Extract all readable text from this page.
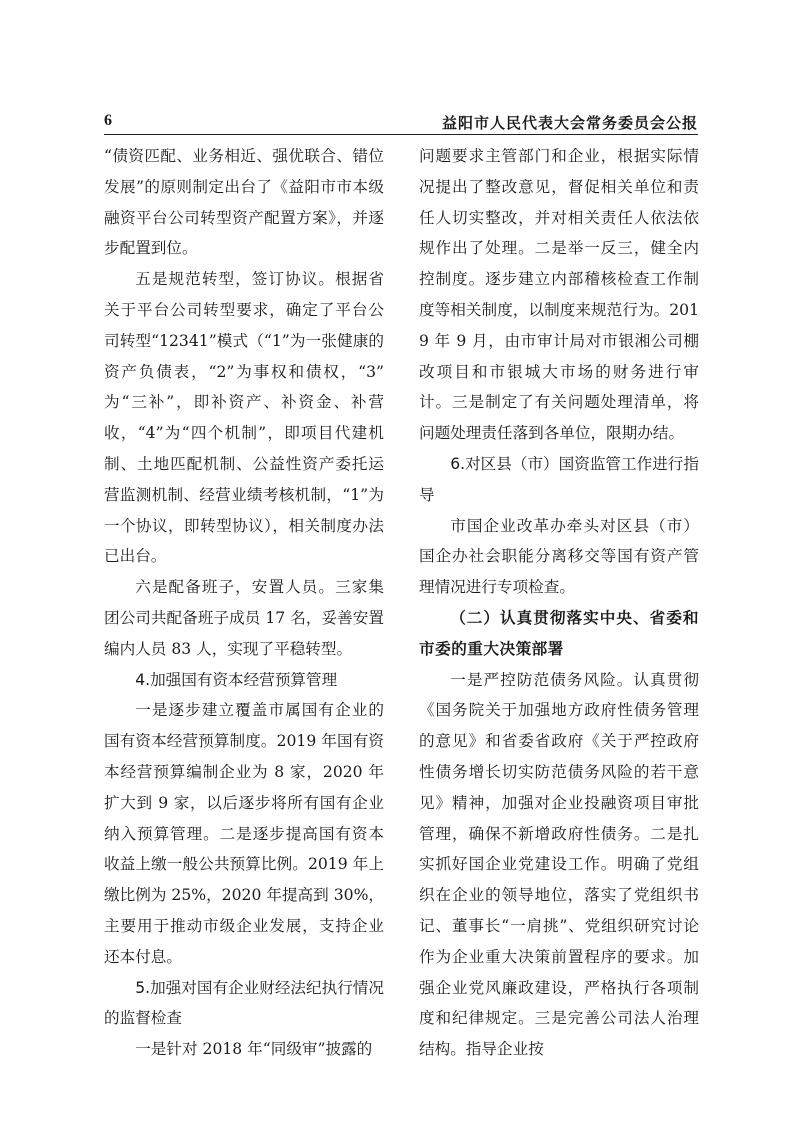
6	益阳市人民代表大会常务委员会公报

“债资匹配、业务相近、强优联合、错位发展”的原则制定出台了《益阳市市本级融资平台公司转型资产配置方案》，并逐步配置到位。

五是规范转型，签订协议。根据省关于平台公司转型要求，确定了平台公司转型“12341”模式（“1”为一张健康的资产负债表，“2”为事权和债权，“3” 为“三补”，即补资产、补资金、补营收，“4”为“四个机制”，即项目代建机制、土地匹配机制、公益性资产委托运营监测机制、经营业绩考核机制，“1”为一个协议，即转型协议），相关制度办法已出台。

六是配备班子，安置人员。三家集团公司共配备班子成员 17 名，妥善安置编内人员 83 人，实现了平稳转型。

4.加强国有资本经营预算管理

一是逐步建立覆盖市属国有企业的国有资本经营预算制度。2019 年国有资本经营预算编制企业为 8 家，2020 年扩大到 9 家，以后逐步将所有国有企业纳入预算管理。二是逐步提高国有资本收益上缴一般公共预算比例。2019 年上缴比例为 25%，2020 年提高到 30%，主要用于推动市级企业发展，支持企业还本付息。

5.加强对国有企业财经法纪执行情况的监督检查

一是针对 2018 年“同级审”披露的

问题要求主管部门和企业，根据实际情况提出了整改意见，督促相关单位和责任人切实整改，并对相关责任人依法依规作出了处理。二是举一反三，健全内控制度。逐步建立内部稽核检查工作制度等相关制度，以制度来规范行为。2019 年 9 月，由市审计局对市银湘公司棚改项目和市银城大市场的财务进行审计。三是制定了有关问题处理清单，将问题处理责任落到各单位，限期办结。

6.对区县（市）国资监管工作进行指导

市国企业改革办牵头对区县（市）国企办社会职能分离移交等国有资产管理情况进行专项检查。

（二）认真贯彻落实中央、省委和市委的重大决策部署

一是严控防范债务风险。认真贯彻《国务院关于加强地方政府性债务管理的意见》和省委省政府《关于严控政府性债务增长切实防范债务风险的若干意见》精神，加强对企业投融资项目审批管理，确保不新增政府性债务。二是扎实抓好国企业党建设工作。明确了党组织在企业的领导地位，落实了党组织书记、董事长“一肩挑”、党组织研究讨论作为企业重大决策前置程序的要求。加强企业党风廉政建设，严格执行各项制度和纪律规定。三是完善公司法人治理结构。指导企业按
